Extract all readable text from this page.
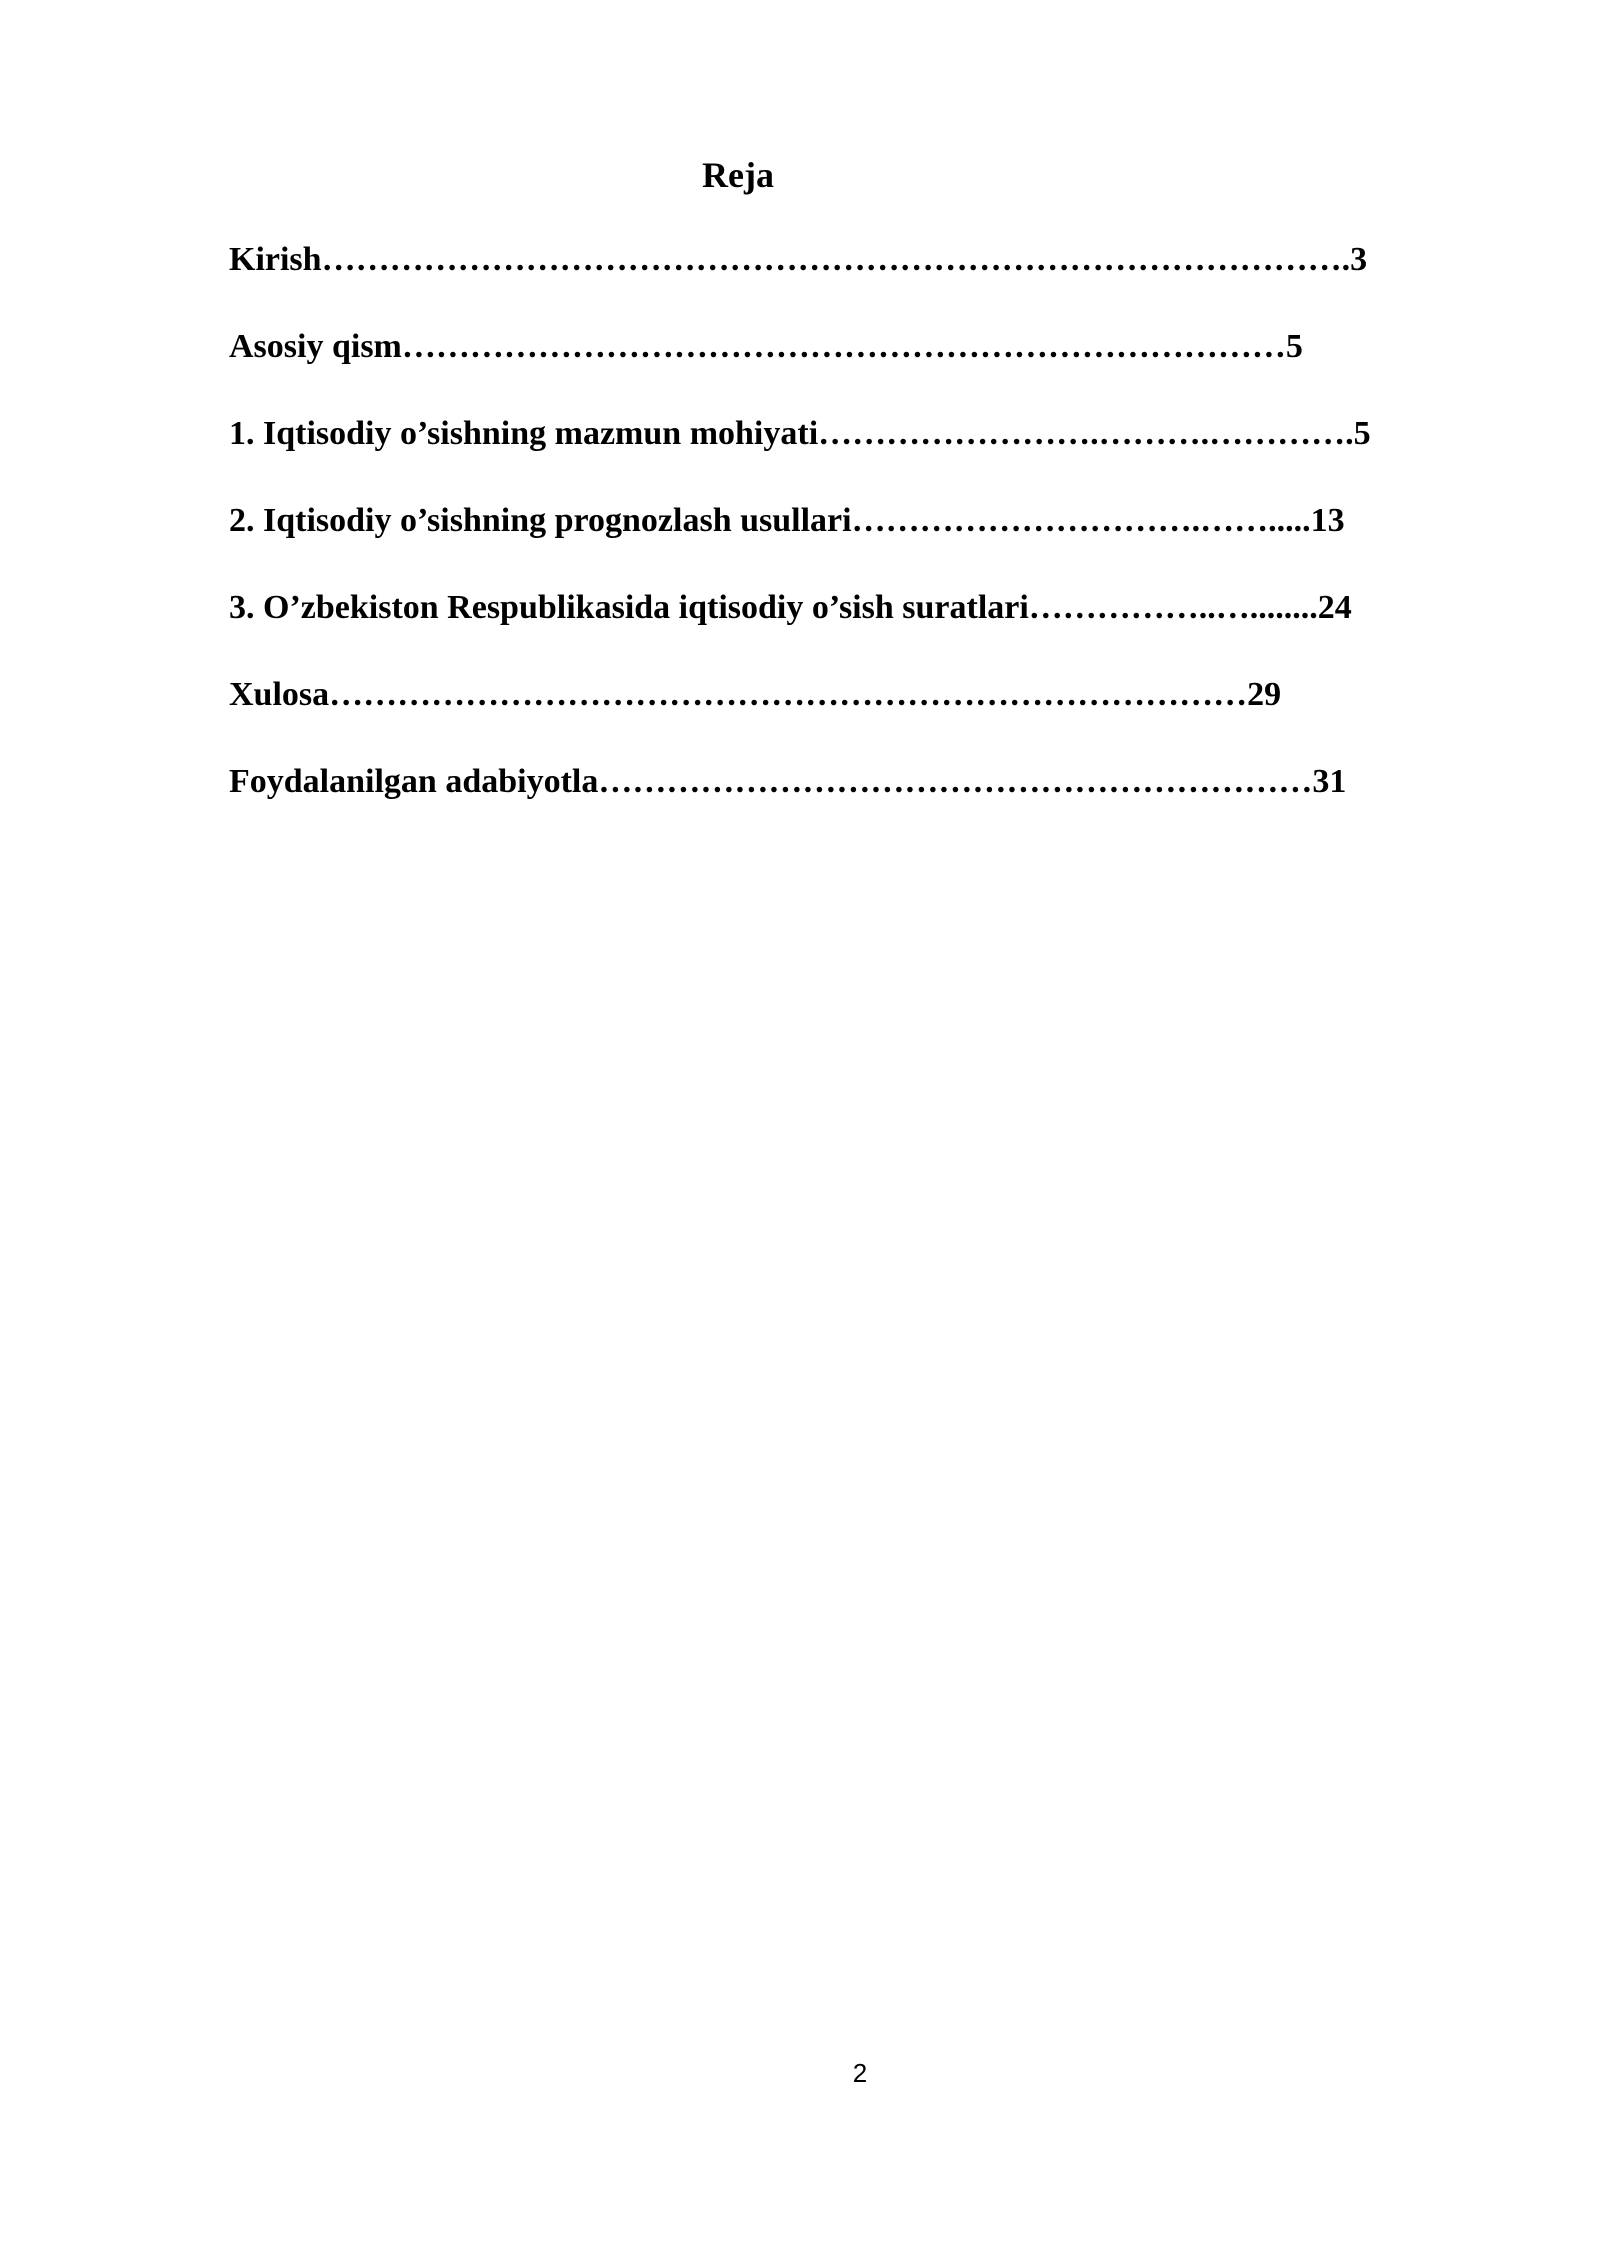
Reja
Kirish……………………………………………………………………………….3
Asosiy qism……………………………………………………………………5
1. Iqtisodiy o’sishning mazmun mohiyati…………………….……….………….5
2. Iqtisodiy o’sishning prognozlash usullari………………………….…….....13
3. O’zbekiston Respublikasida iqtisodiy o’sish suratlari……………..…........24
Xulosa………………………………………………………………………29
Foydalanilgan adabiyotla………………………………………………………31

2
